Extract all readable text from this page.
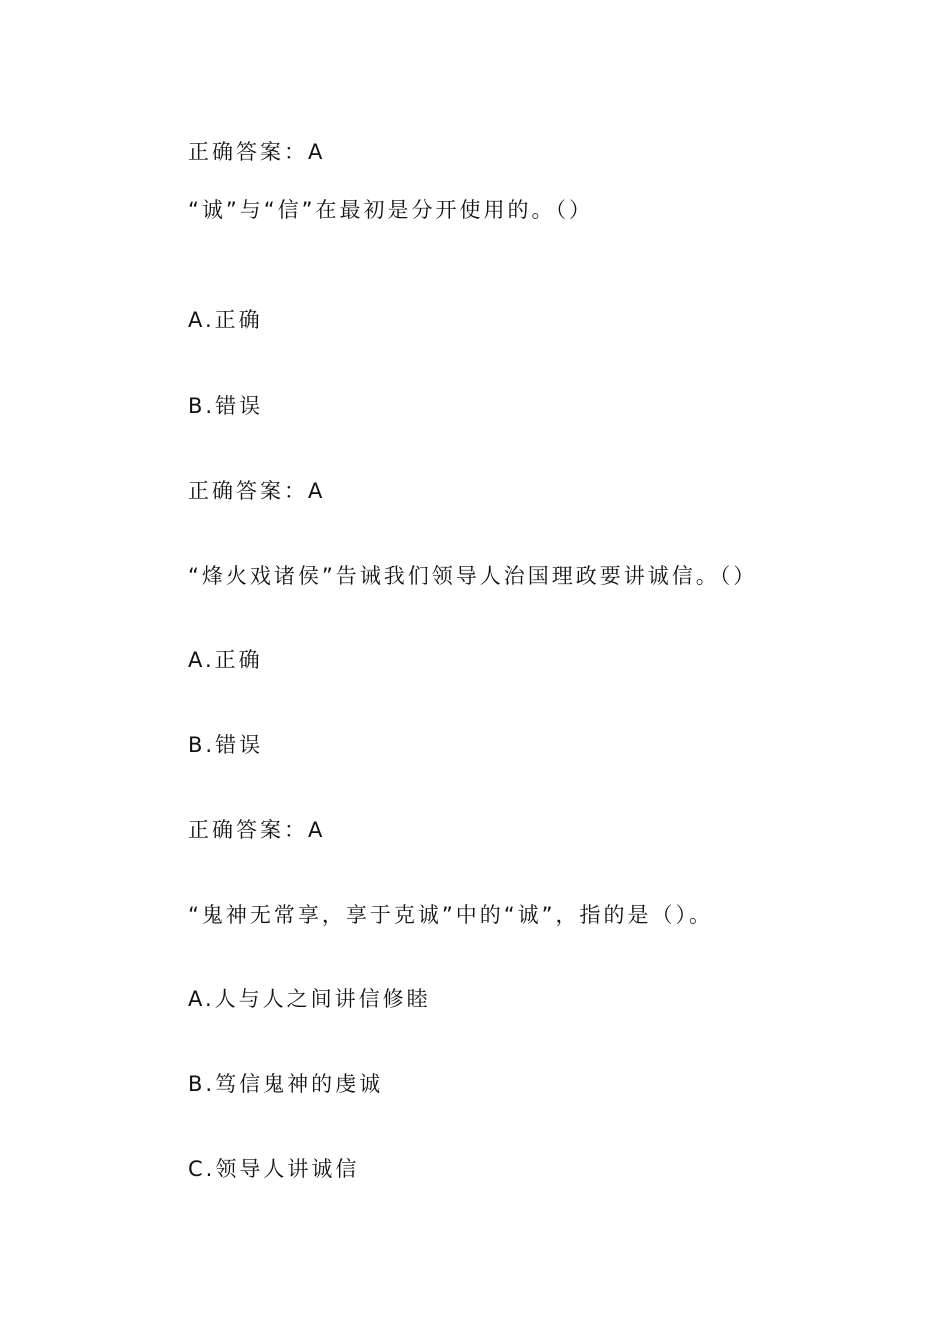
正确答案：A
“诚”与“信”在最初是分开使用的。（）
A.正确
B.错误
正确答案：A
“烽火戏诸侯”告诫我们领导人治国理政要讲诚信。（）
A.正确
B.错误
正确答案：A
“鬼神无常享，享于克诚”中的“诚”，指的是（）。
A.人与人之间讲信修睦
B.笃信鬼神的虔诚
C.领导人讲诚信
